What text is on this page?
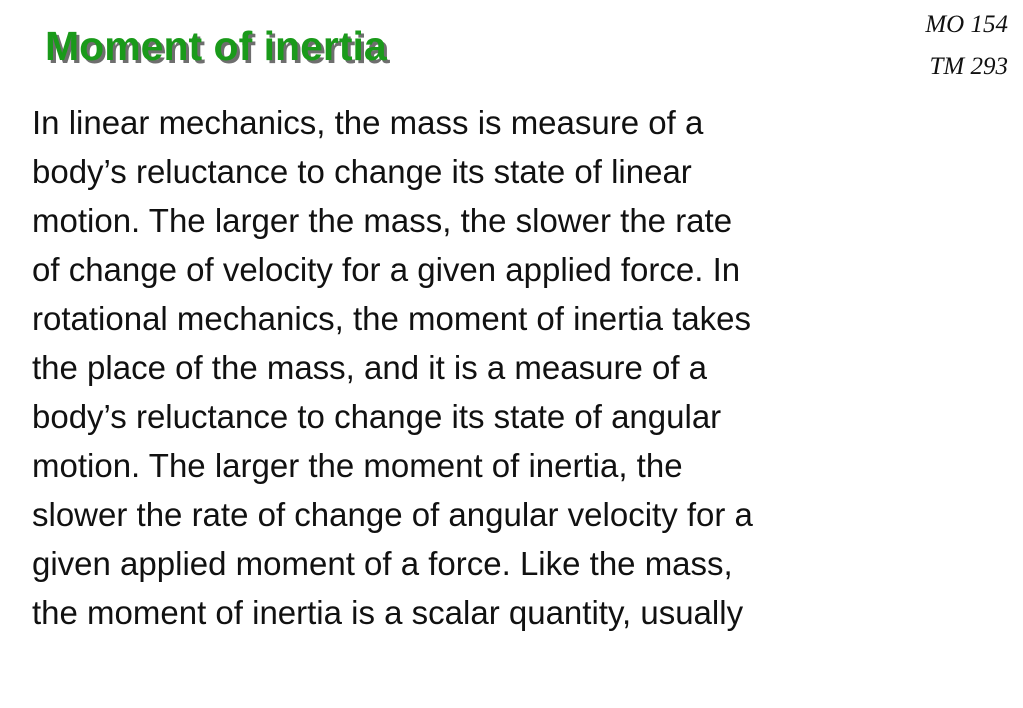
Moment of inertia	MO 154
TM 293

In linear mechanics, the mass is measure of a
body’s reluctance to change its state of linear
motion. The larger the mass, the slower the rate
of change of velocity for a given applied force. In
rotational mechanics, the moment of inertia takes
the place of the mass, and it is a measure of a
body’s reluctance to change its state of angular
motion. The larger the moment of inertia, the
slower the rate of change of angular velocity for a
given applied moment of a force. Like the mass,
the moment of inertia is a scalar quantity, usually
